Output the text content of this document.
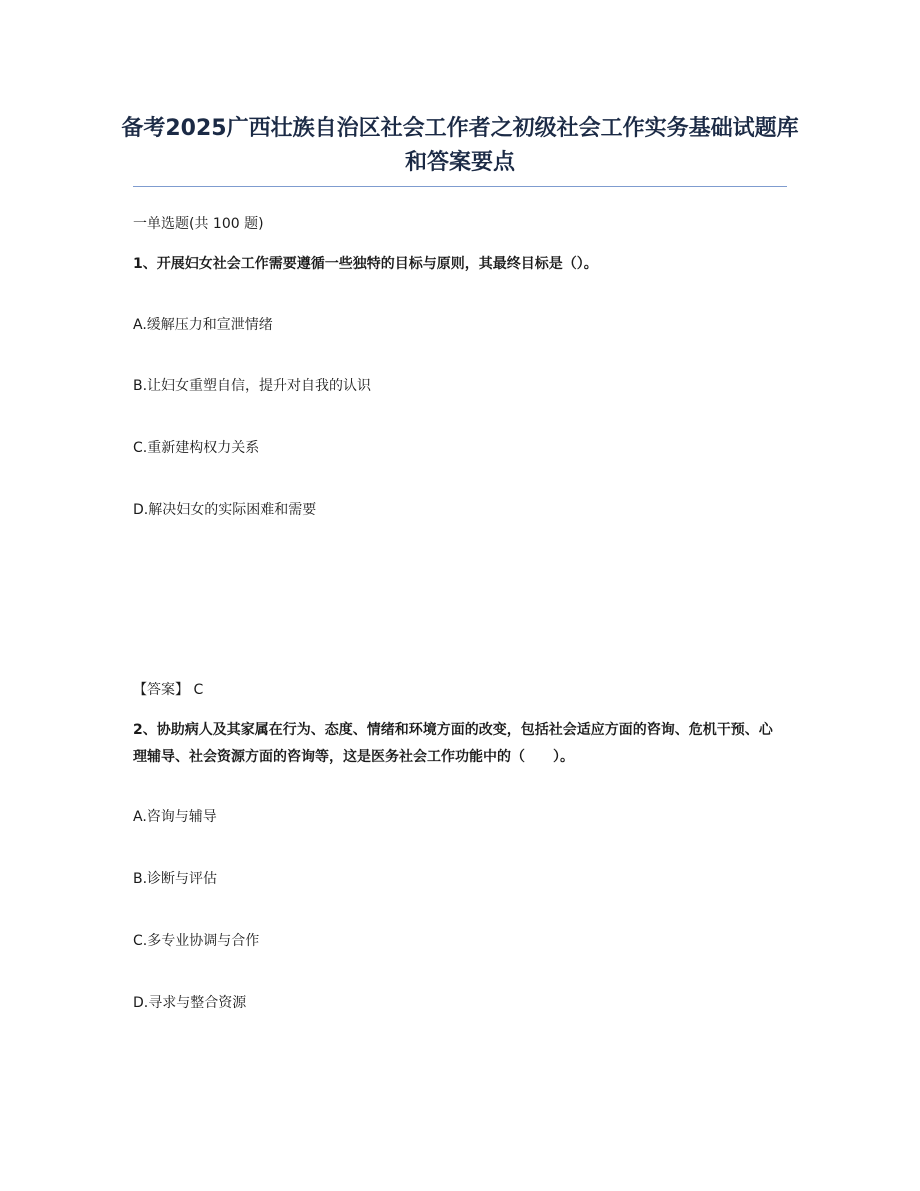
备考2025广西壮族自治区社会工作者之初级社会工作实务基础试题库和答案要点
一单选题(共 100 题)
1、开展妇女社会工作需要遵循一些独特的目标与原则，其最终目标是（）。
A.缓解压力和宣泄情绪
B.让妇女重塑自信，提升对自我的认识
C.重新建构权力关系
D.解决妇女的实际困难和需要
【答案】 C
2、协助病人及其家属在行为、态度、情绪和环境方面的改变，包括社会适应方面的咨询、危机干预、心理辅导、社会资源方面的咨询等，这是医务社会工作功能中的（　　）。
A.咨询与辅导
B.诊断与评估
C.多专业协调与合作
D.寻求与整合资源
